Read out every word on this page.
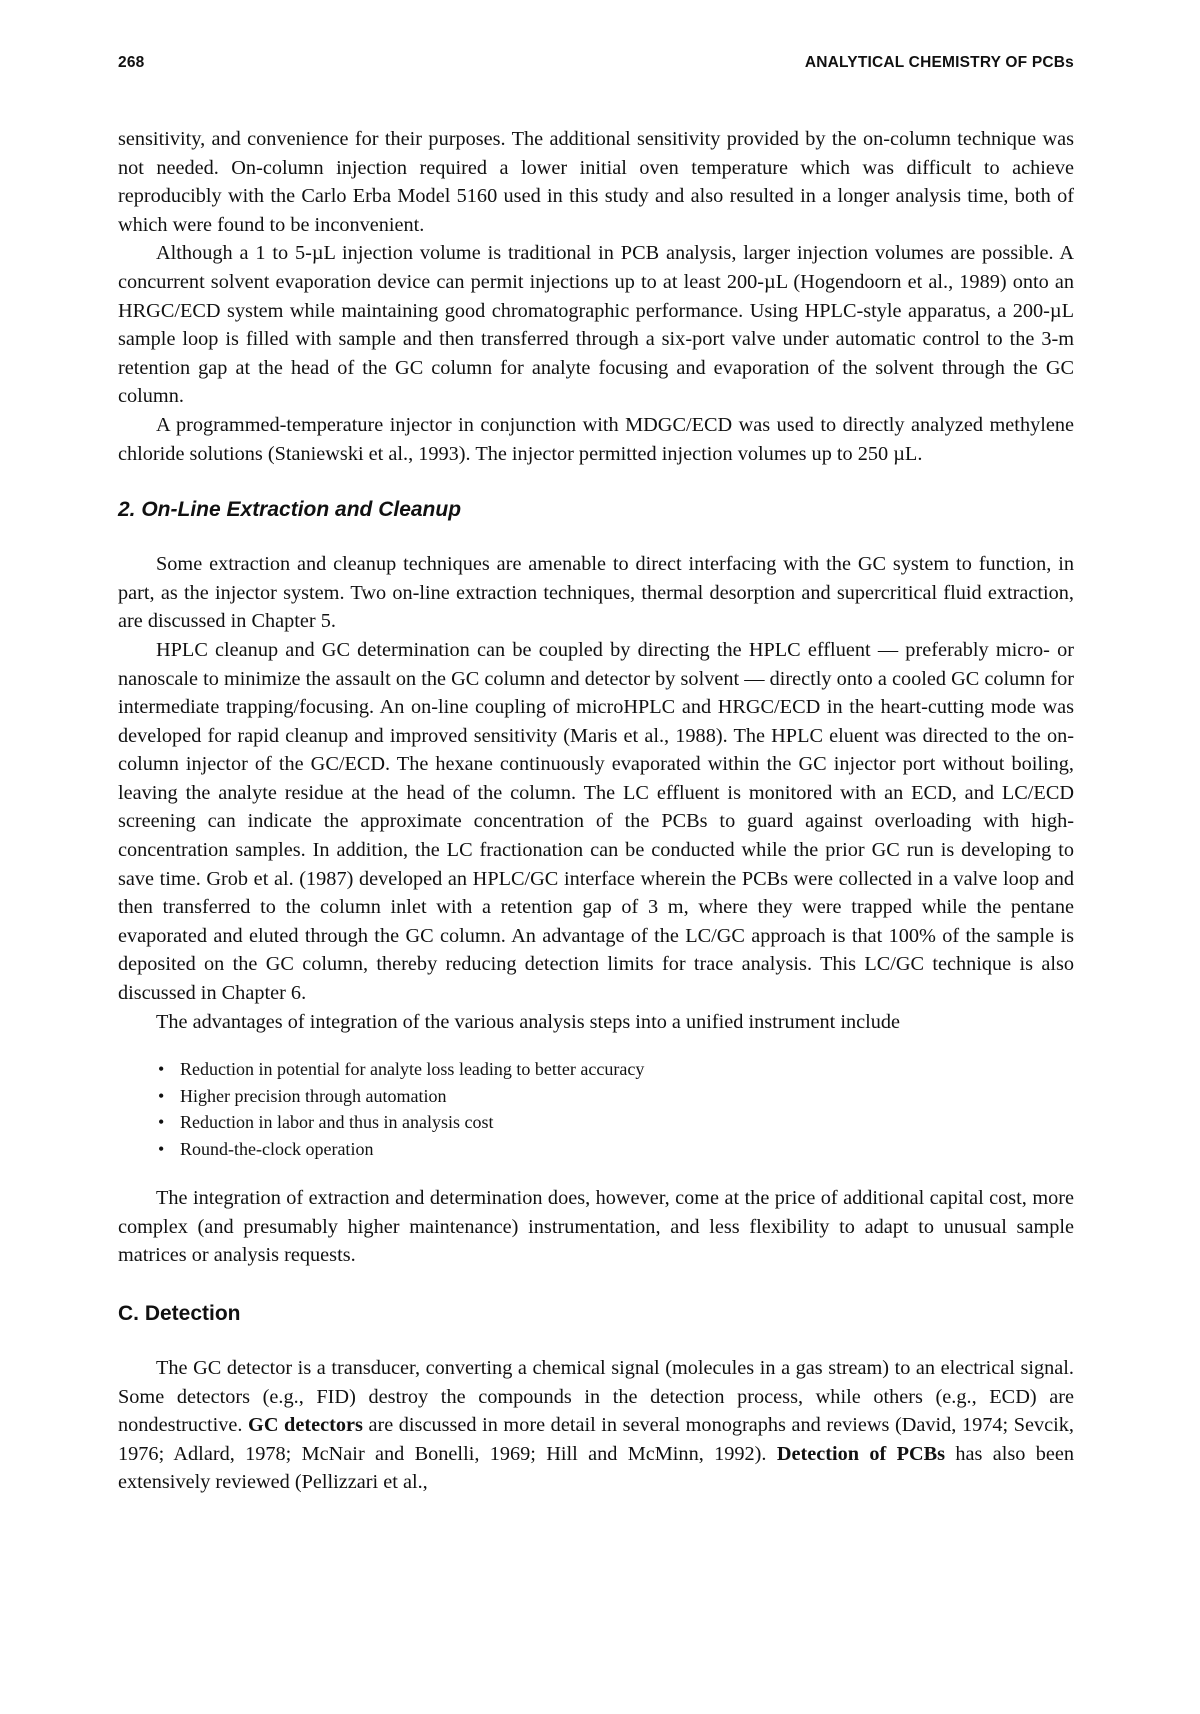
268	ANALYTICAL CHEMISTRY OF PCBs

sensitivity, and convenience for their purposes. The additional sensitivity provided by the on-column technique was not needed. On-column injection required a lower initial oven temperature which was difficult to achieve reproducibly with the Carlo Erba Model 5160 used in this study and also resulted in a longer analysis time, both of which were found to be inconvenient.

Although a 1 to 5-µL injection volume is traditional in PCB analysis, larger injection volumes are possible. A concurrent solvent evaporation device can permit injections up to at least 200-µL (Hogendoorn et al., 1989) onto an HRGC/ECD system while maintaining good chromatographic performance. Using HPLC-style apparatus, a 200-µL sample loop is filled with sample and then transferred through a six-port valve under automatic control to the 3-m retention gap at the head of the GC column for analyte focusing and evaporation of the solvent through the GC column.

A programmed-temperature injector in conjunction with MDGC/ECD was used to directly analyzed methylene chloride solutions (Staniewski et al., 1993). The injector permitted injection volumes up to 250 µL.

2. On-Line Extraction and Cleanup

Some extraction and cleanup techniques are amenable to direct interfacing with the GC system to function, in part, as the injector system. Two on-line extraction techniques, thermal desorption and supercritical fluid extraction, are discussed in Chapter 5.

HPLC cleanup and GC determination can be coupled by directing the HPLC effluent — preferably micro- or nanoscale to minimize the assault on the GC column and detector by solvent — directly onto a cooled GC column for intermediate trapping/focusing. An on-line coupling of microHPLC and HRGC/ECD in the heart-cutting mode was developed for rapid cleanup and improved sensitivity (Maris et al., 1988). The HPLC eluent was directed to the on-column injector of the GC/ECD. The hexane continuously evaporated within the GC injector port without boiling, leaving the analyte residue at the head of the column. The LC effluent is monitored with an ECD, and LC/ECD screening can indicate the approximate concentration of the PCBs to guard against overloading with high-concentration samples. In addition, the LC fractionation can be conducted while the prior GC run is developing to save time. Grob et al. (1987) developed an HPLC/GC interface wherein the PCBs were collected in a valve loop and then transferred to the column inlet with a retention gap of 3 m, where they were trapped while the pentane evaporated and eluted through the GC column. An advantage of the LC/GC approach is that 100% of the sample is deposited on the GC column, thereby reducing detection limits for trace analysis. This LC/GC technique is also discussed in Chapter 6.

The advantages of integration of the various analysis steps into a unified instrument include

• Reduction in potential for analyte loss leading to better accuracy
• Higher precision through automation
• Reduction in labor and thus in analysis cost
• Round-the-clock operation

The integration of extraction and determination does, however, come at the price of additional capital cost, more complex (and presumably higher maintenance) instrumentation, and less flexibility to adapt to unusual sample matrices or analysis requests.

C. Detection

The GC detector is a transducer, converting a chemical signal (molecules in a gas stream) to an electrical signal. Some detectors (e.g., FID) destroy the compounds in the detection process, while others (e.g., ECD) are nondestructive. GC detectors are discussed in more detail in several monographs and reviews (David, 1974; Sevcik, 1976; Adlard, 1978; McNair and Bonelli, 1969; Hill and McMinn, 1992). Detection of PCBs has also been extensively reviewed (Pellizzari et al.,
